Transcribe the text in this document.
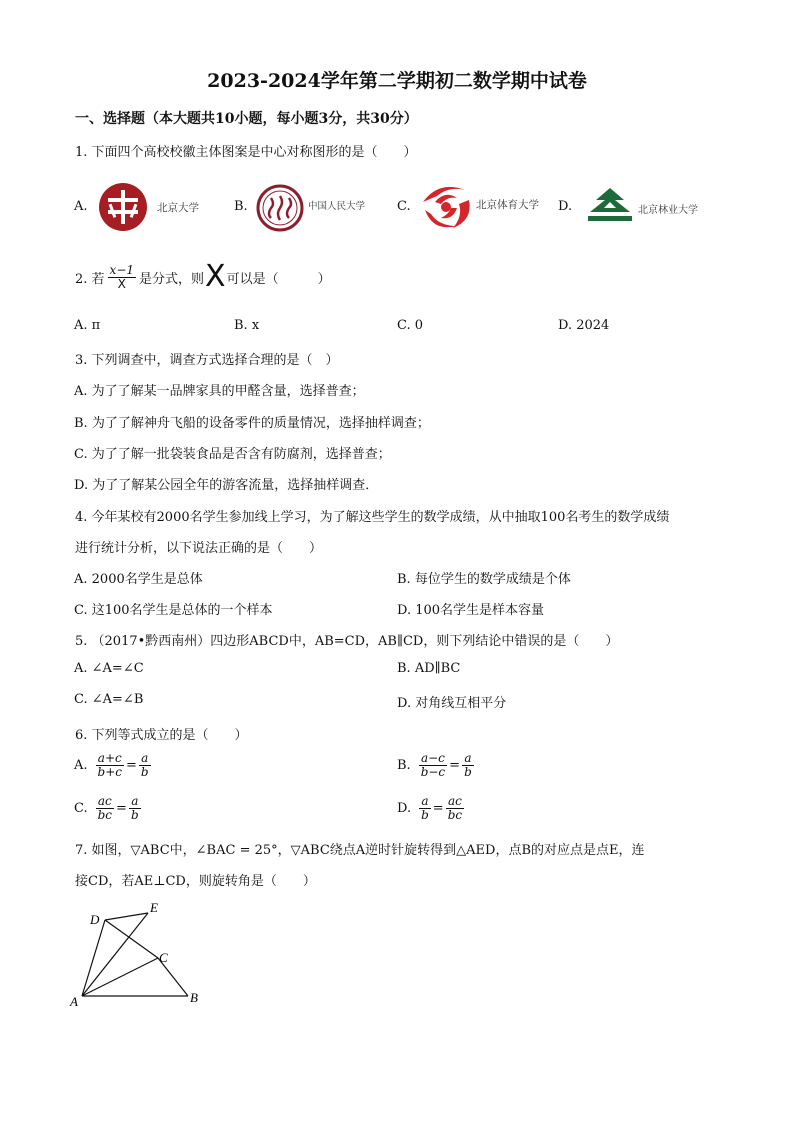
2023-2024学年第二学期初二数学期中试卷
一、选择题（本大题共10小题，每小题3分，共30分）
1. 下面四个高校校徽主体图案是中心对称图形的是（　　）
A.	北京大学	B.	中国人民大学 C.	北京体育大学 D.	北京林业大学
2. 若 $\frac{x-1}{X}$ 是分式，则 X 可以是（　　　）
A. π	B. x	C. 0	D. 2024
3. 下列调查中，调查方式选择合理的是（　）
A. 为了了解某一品牌家具的甲醛含量，选择普查；
B. 为了了解神舟飞船的设备零件的质量情况，选择抽样调查；
C. 为了了解一批袋装食品是否含有防腐剂，选择普查；
D. 为了了解某公园全年的游客流量，选择抽样调查．
4. 今年某校有2000名学生参加线上学习，为了解这些学生的数学成绩，从中抽取100名考生的数学成绩
进行统计分析，以下说法正确的是（　　）
A. 2000名学生是总体	B. 每位学生的数学成绩是个体
C. 这100名学生是总体的一个样本	D. 100名学生是样本容量
5. （2017•黔西南州）四边形ABCD中，AB=CD，AB∥CD，则下列结论中错误的是（　　）
A. ∠A=∠C	B. AD∥BC
C. ∠A=∠B	D. 对角线互相平分
6. 下列等式成立的是（　　）
A. $\frac{a+c}{b+c} = \frac{a}{b}$	B. $\frac{a-c}{b-c} = \frac{a}{b}$
C. $\frac{ac}{bc} = \frac{a}{b}$	D. $\frac{a}{b} = \frac{ac}{bc}$
7. 如图，▽ABC中，∠BAC = 25°，▽ABC绕点A逆时针旋转得到△AED，点B的对应点是点E，连
接CD，若AE⊥CD，则旋转角是（　　）
D
E
C
A	B
